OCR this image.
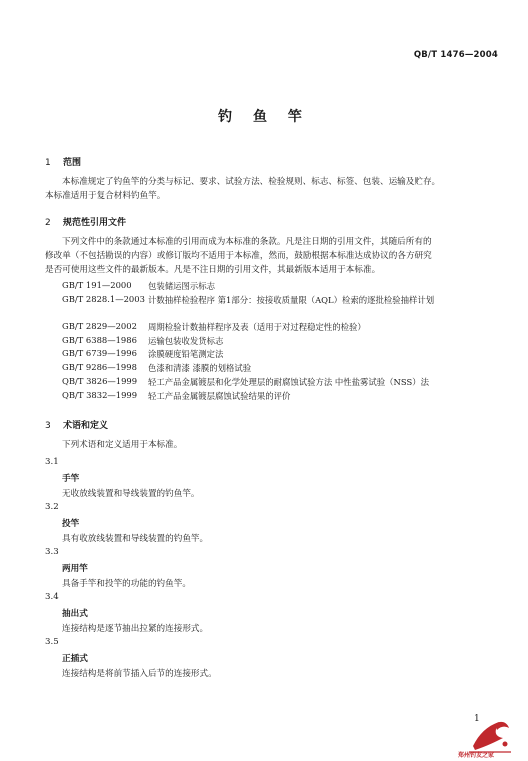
QB/T 1476—2004
钓 鱼 竿
1 范围
本标准规定了钓鱼竿的分类与标记、要求、试验方法、检验规则、标志、标签、包装、运输及贮存。
本标准适用于复合材料钓鱼竿。
2 规范性引用文件
下列文件中的条款通过本标准的引用而成为本标准的条款。凡是注日期的引用文件，其随后所有的
修改单（不包括勘误的内容）或修订版均不适用于本标准，然而，鼓励根据本标准达成协议的各方研究
是否可使用这些文件的最新版本。凡是不注日期的引用文件，其最新版本适用于本标准。
GB/T 191—2000 包装储运图示标志
GB/T 2828.1—2003 计数抽样检验程序 第1部分：按接收质量限（AQL）检索的逐批检验抽样计划
GB/T 2829—2002 周期检验计数抽样程序及表（适用于对过程稳定性的检验）
GB/T 6388—1986 运输包装收发货标志
GB/T 6739—1996 涂膜硬度铅笔测定法
GB/T 9286—1998 色漆和清漆 漆膜的划格试验
QB/T 3826—1999 轻工产品金属镀层和化学处理层的耐腐蚀试验方法 中性盐雾试验（NSS）法
QB/T 3832—1999 轻工产品金属镀层腐蚀试验结果的评价
3 术语和定义
下列术语和定义适用于本标准。
3.1
手竿
无收放线装置和导线装置的钓鱼竿。
3.2
投竿
具有收放线装置和导线装置的钓鱼竿。
3.3
两用竿
具备手竿和投竿的功能的钓鱼竿。
3.4
抽出式
连接结构是逐节抽出拉紧的连接形式。
3.5
正插式
连接结构是将前节插入后节的连接形式。
1
郑州钓友之家
